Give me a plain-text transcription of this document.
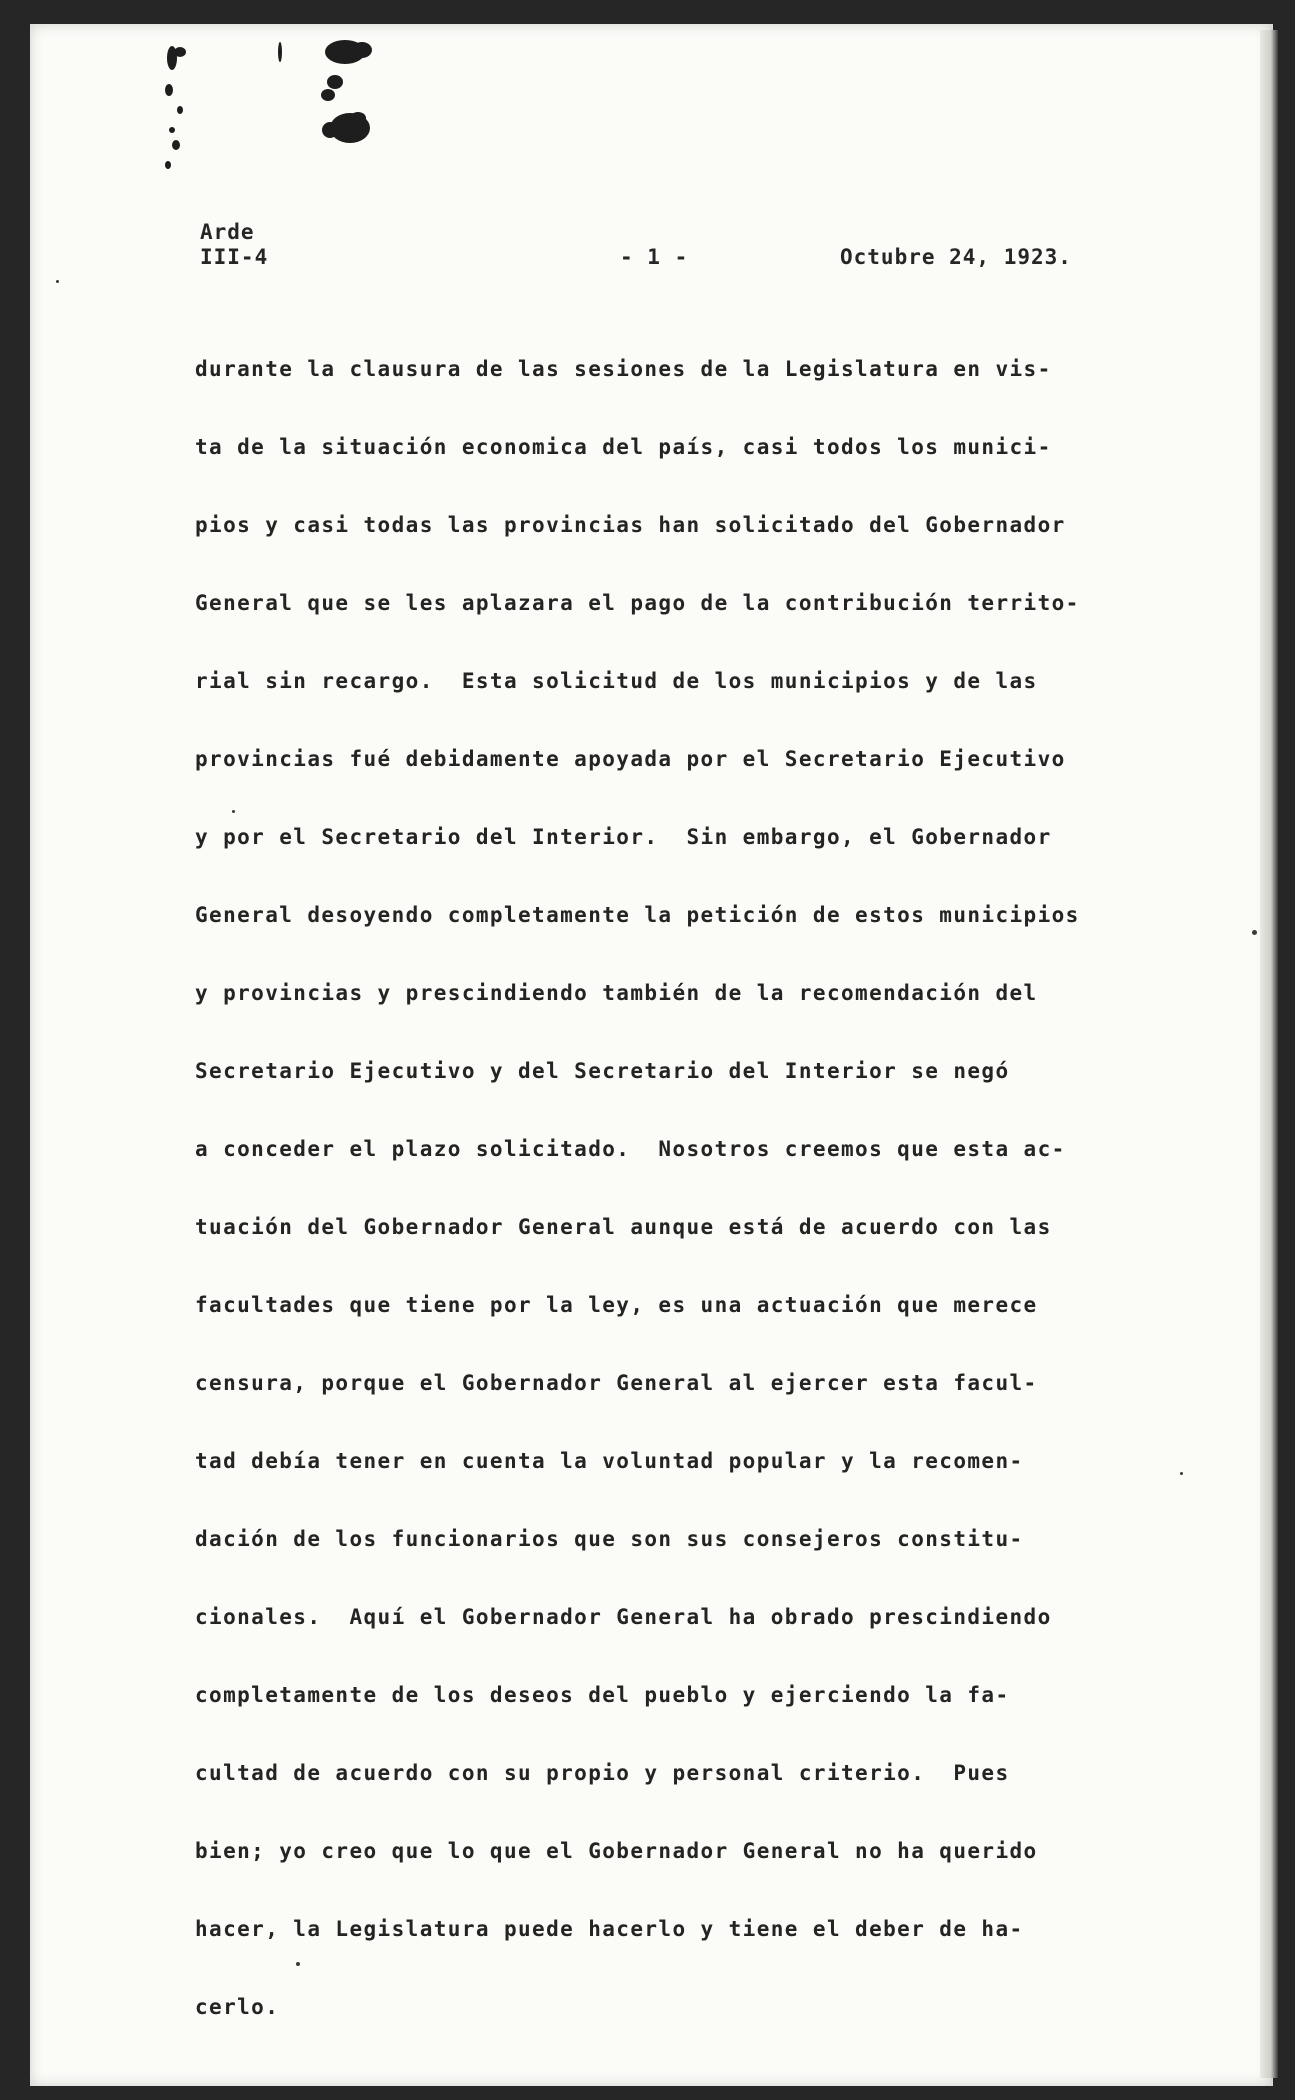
Arde
III-4	- 1 -	Octubre 24, 1923.
durante la clausura de las sesiones de la Legislatura en vis-
ta de la situación economica del país, casi todos los munici-
pios y casi todas las provincias han solicitado del Gobernador
General que se les aplazara el pago de la contribución territo-
rial sin recargo.  Esta solicitud de los municipios y de las
provincias fué debidamente apoyada por el Secretario Ejecutivo
y por el Secretario del Interior.  Sin embargo, el Gobernador
General desoyendo completamente la petición de estos municipios
y provincias y prescindiendo también de la recomendación del
Secretario Ejecutivo y del Secretario del Interior se negó
a conceder el plazo solicitado.  Nosotros creemos que esta ac-
tuación del Gobernador General aunque está de acuerdo con las
facultades que tiene por la ley, es una actuación que merece
censura, porque el Gobernador General al ejercer esta facul-
tad debía tener en cuenta la voluntad popular y la recomen-
dación de los funcionarios que son sus consejeros constitu-
cionales.  Aquí el Gobernador General ha obrado prescindiendo
completamente de los deseos del pueblo y ejerciendo la fa-
cultad de acuerdo con su propio y personal criterio.  Pues
bien; yo creo que lo que el Gobernador General no ha querido
hacer, la Legislatura puede hacerlo y tiene el deber de ha-
cerlo.
